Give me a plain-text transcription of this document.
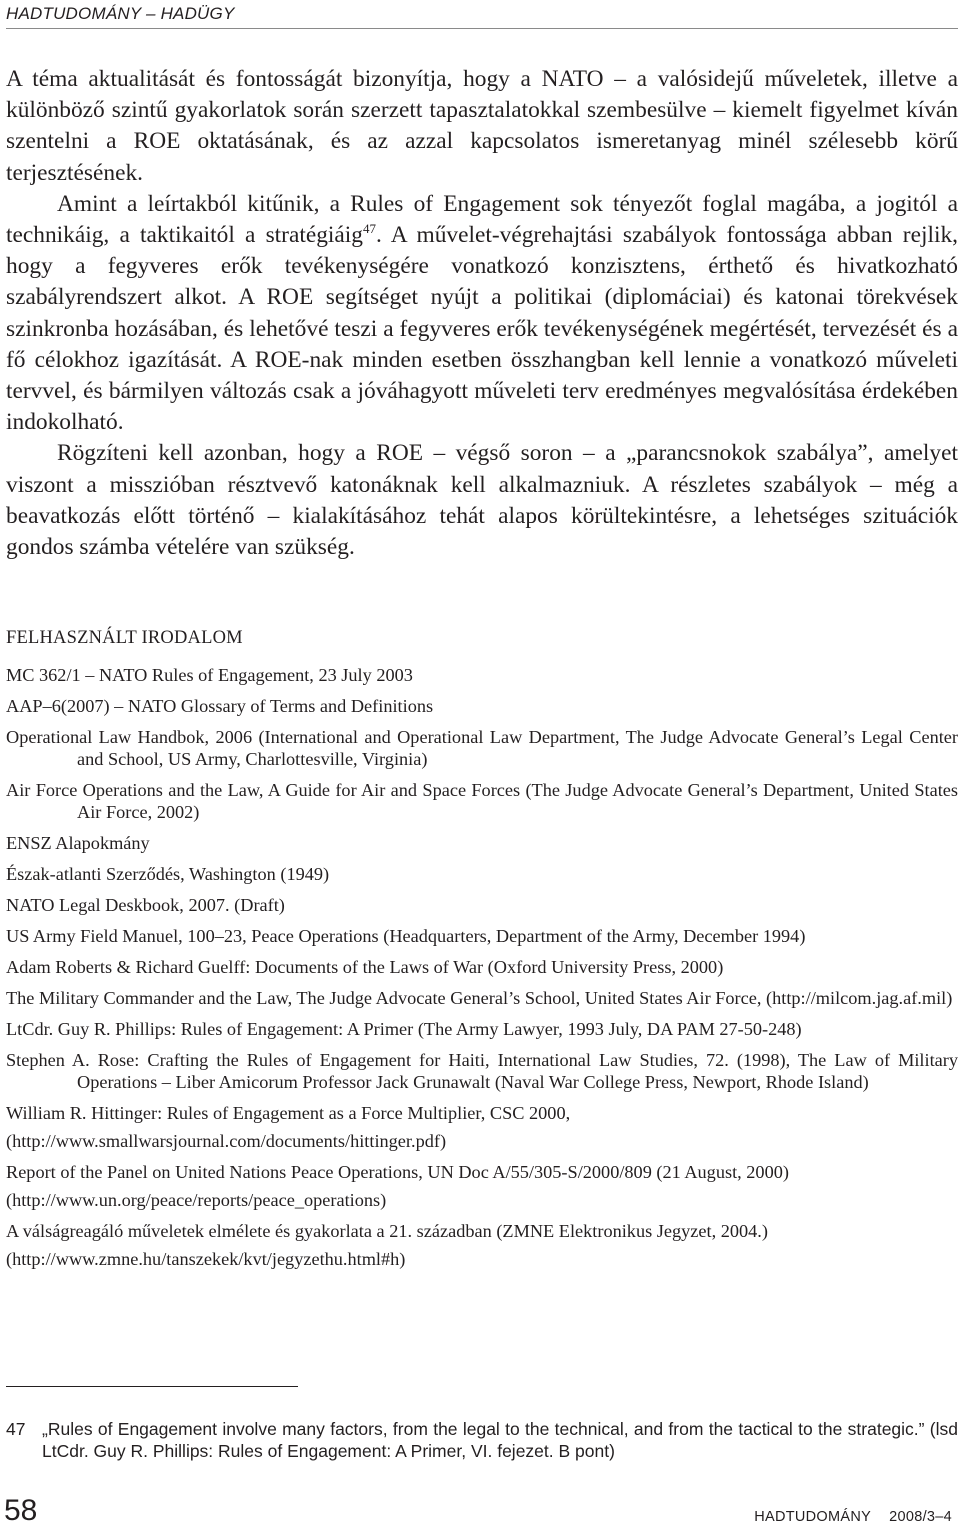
HADTUDOMÁNY – HADÜGY

A téma aktualitását és fontosságát bizonyítja, hogy a NATO – a valósidejű műveletek, illetve a különböző szintű gyakorlatok során szerzett tapasztalatokkal szembesülve – kiemelt figyelmet kíván szentelni a ROE oktatásának, és az azzal kapcsolatos ismeretanyag minél szélesebb körű terjesztésének.

Amint a leírtakból kitűnik, a Rules of Engagement sok tényezőt foglal magába, a jogitól a technikáig, a taktikaitól a stratégiáig$^{47}$. A művelet-végrehajtási szabályok fontossága abban rejlik, hogy a fegyveres erők tevékenységére vonatkozó konzisztens, érthető és hivatkozható szabályrendszert alkot. A ROE segítséget nyújt a politikai (diplomáciai) és katonai törekvések szinkronba hozásában, és lehetővé teszi a fegyveres erők tevékenységének megértését, tervezését és a fő célokhoz igazítását. A ROE-nak minden esetben összhangban kell lennie a vonatkozó műveleti tervvel, és bármilyen változás csak a jóváhagyott műveleti terv eredményes megvalósítása érdekében indokolható.

Rögzíteni kell azonban, hogy a ROE – végső soron – a „parancsnokok szabálya”, amelyet viszont a misszióban résztvevő katonáknak kell alkalmazniuk. A részletes szabályok – még a beavatkozás előtt történő – kialakításához tehát alapos körültekintésre, a lehetséges szituációk gondos számba vételére van szükség.

FELHASZNÁLT IRODALOM
MC 362/1 – NATO Rules of Engagement, 23 July 2003
AAP–6(2007) – NATO Glossary of Terms and Definitions
Operational Law Handbok, 2006 (International and Operational Law Department, The Judge Advocate General’s Legal Center and School, US Army, Charlottesville, Virginia)
Air Force Operations and the Law, A Guide for Air and Space Forces (The Judge Advocate General’s Department, United States Air Force, 2002)
ENSZ Alapokmány
Észak-atlanti Szerződés, Washington (1949)
NATO Legal Deskbook, 2007. (Draft)
US Army Field Manuel, 100–23, Peace Operations (Headquarters, Department of the Army, December 1994)
Adam Roberts & Richard Guelff: Documents of the Laws of War (Oxford University Press, 2000)
The Military Commander and the Law, The Judge Advocate General’s School, United States Air Force, (http://milcom.jag.af.mil)
LtCdr. Guy R. Phillips: Rules of Engagement: A Primer (The Army Lawyer, 1993 July, DA PAM 27-50-248)
Stephen A. Rose: Crafting the Rules of Engagement for Haiti, International Law Studies, 72. (1998), The Law of Military Operations – Liber Amicorum Professor Jack Grunawalt (Naval War College Press, Newport, Rhode Island)
William R. Hittinger: Rules of Engagement as a Force Multiplier, CSC 2000,
(http://www.smallwarsjournal.com/documents/hittinger.pdf)
Report of the Panel on United Nations Peace Operations, UN Doc A/55/305-S/2000/809 (21 August, 2000)
(http://www.un.org/peace/reports/peace_operations)
A válságreagáló műveletek elmélete és gyakorlata a 21. században (ZMNE Elektronikus Jegyzet, 2004.)
(http://www.zmne.hu/tanszekek/kvt/jegyzethu.html#h)
47 „Rules of Engagement involve many factors, from the legal to the technical, and from the tactical to the strategic.” (lsd LtCdr. Guy R. Phillips: Rules of Engagement: A Primer, VI. fejezet. B pont)
58	HADTUDOMÁNY 2008/3–4
